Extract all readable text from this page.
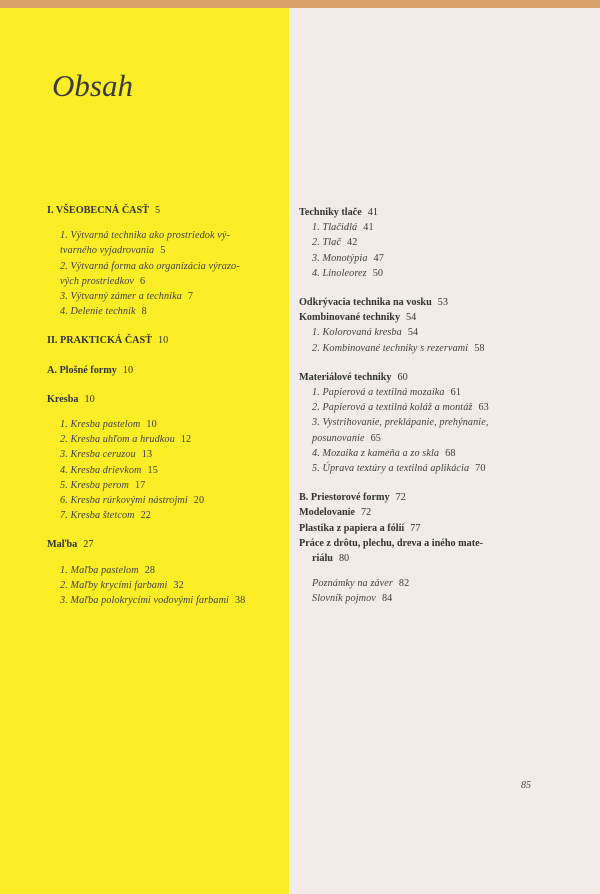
Obsah
I. VŠEOBECNÁ ČASŤ 5
1. Výtvarná technika ako prostriedok vý-
tvarného vyjadrovania 5
2. Výtvarná forma ako organizácia výrazo-
vých prostriedkov 6
3. Výtvarný zámer a technika 7
4. Delenie techník 8
II. PRAKTICKÁ ČASŤ 10
A. Plošné formy 10
Kresba 10
1. Kresba pastelom 10
2. Kresba uhľom a hrudkou 12
3. Kresba ceruzou 13
4. Kresba drievkom 15
5. Kresba perom 17
6. Kresba rúrkovými nástrojmi 20
7. Kresba štetcom 22
Maľba 27
1. Maľba pastelom 28
2. Maľby krycími farbami 32
3. Maľba polokrycími vodovými farbami 38
Techniky tlače 41
1. Tlačidlá 41
2. Tlač 42
3. Monotýpia 47
4. Linoleorez 50
Odkrývacia technika na vosku 53
Kombinované techniky 54
1. Kolorovaná kresba 54
2. Kombinované techniky s rezervami 58
Materiálové techniky 60
1. Papierová a textilná mozaika 61
2. Papierová a textilná koláž a montáž 63
3. Vystrihovanie, preklápanie, prehýnanie,
posunovanie 65
4. Mozaika z kameňa a zo skla 68
5. Úprava textúry a textilná aplikácia 70
B. Priestorové formy 72
Modelovanie 72
Plastika z papiera a fólií 77
Práce z drôtu, plechu, dreva a iného mate-
riálu 80
Poznámky na záver 82
Slovník pojmov 84
85
